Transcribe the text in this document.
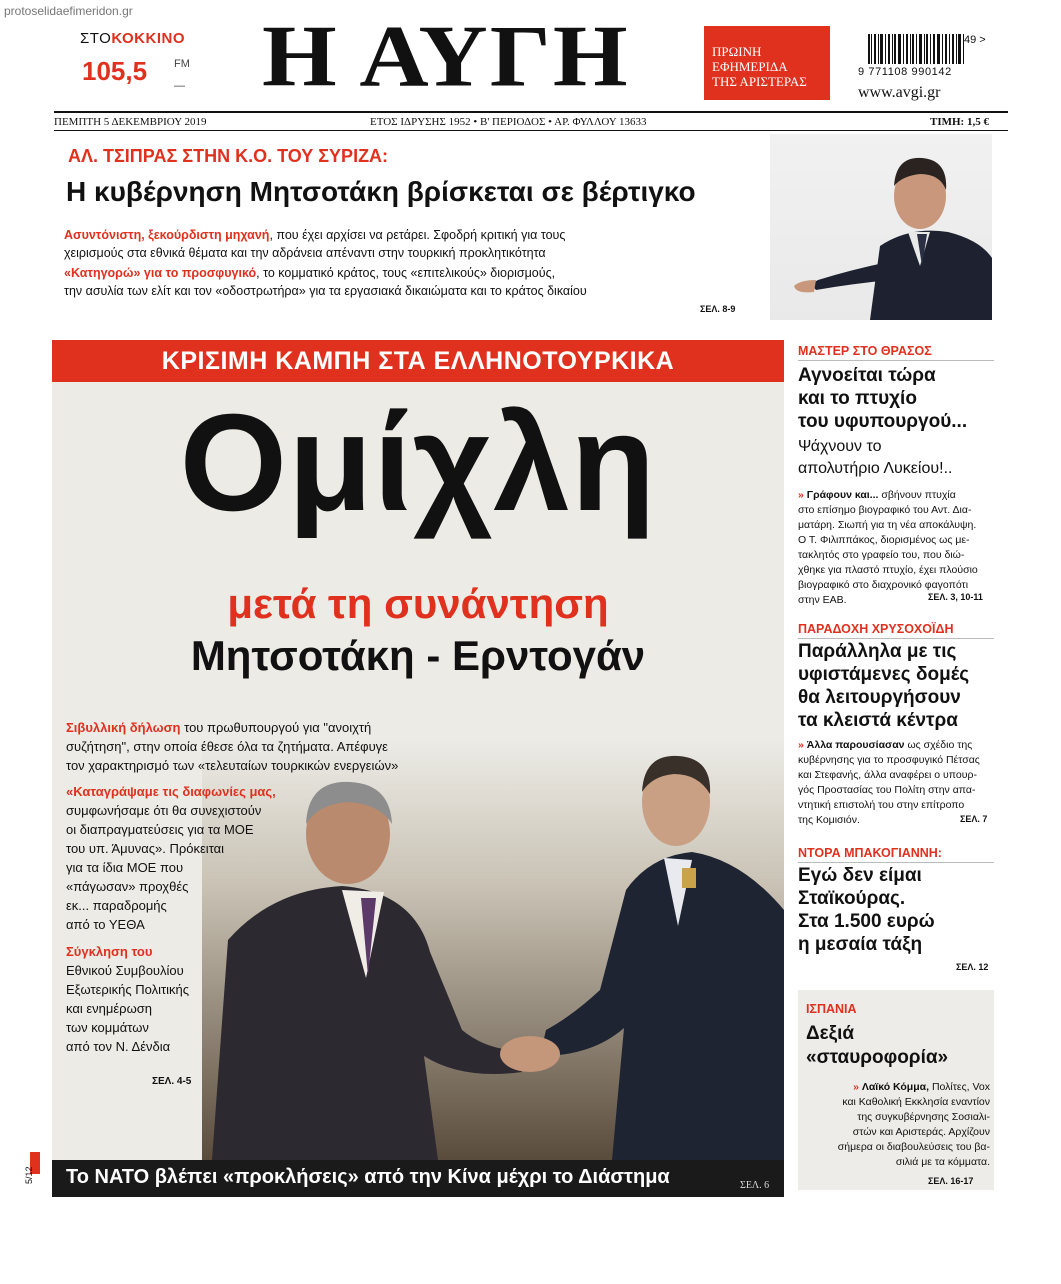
protoselidaefimeridon.gr
ΣΤΟΚΟΚΚΙΝΟ
105,5 FM
— Η ΑΥΓΗ	ΠΡΩΙΝΗ
ΕΦΗΜΕΡΙΔΑ
ΤΗΣ ΑΡΙΣΤΕΡΑΣ
49 >
9 771108 990142
www.avgi.gr
ΠΕΜΠΤΗ 5 ΔΕΚΕΜΒΡΙΟΥ 2019	ΕΤΟΣ ΙΔΡΥΣΗΣ 1952 • Β' ΠΕΡΙΟΔΟΣ • ΑΡ. ΦΥΛΛΟΥ 13633	ΤΙΜΗ: 1,5 €
ΑΛ. ΤΣΙΠΡΑΣ ΣΤΗΝ Κ.Ο. ΤΟΥ ΣΥΡΙΖΑ:
Η κυβέρνηση Μητσοτάκη βρίσκεται σε βέρτιγκο
Ασυντόνιστη, ξεκούρδιστη μηχανή, που έχει αρχίσει να ρετάρει. Σφοδρή κριτική για τους
χειρισμούς στα εθνικά θέματα και την αδράνεια απέναντι στην τουρκική προκλητικότητα
«Κατηγορώ» για το προσφυγικό, το κομματικό κράτος, τους «επιτελικούς» διορισμούς,
την ασυλία των ελίτ και τον «οδοστρωτήρα» για τα εργασιακά δικαιώματα και το κράτος δικαίου
ΣΕΛ. 8-9
ΚΡΙΣΙΜΗ ΚΑΜΠΗ ΣΤΑ ΕΛΛΗΝΟΤΟΥΡΚΙΚΑ
Ομίχλη
μετά τη συνάντηση
Μητσοτάκη - Ερντογάν
Σιβυλλική δήλωση του πρωθυπουργού για "ανοιχτή
συζήτηση", στην οποία έθεσε όλα τα ζητήματα. Απέφυγε
τον χαρακτηρισμό των «τελευταίων τουρκικών ενεργειών»
«Καταγράψαμε τις διαφωνίες μας,
συμφωνήσαμε ότι θα συνεχιστούν
οι διαπραγματεύσεις για τα ΜΟΕ
του υπ. Άμυνας». Πρόκειται
για τα ίδια ΜΟΕ που
«πάγωσαν» προχθές
εκ... παραδρομής
από το ΥΕΘΑ
Σύγκληση του
Εθνικού Συμβουλίου
Εξωτερικής Πολιτικής
και ενημέρωση
των κομμάτων
από τον Ν. Δένδια
ΣΕΛ. 4-5
Το ΝΑΤΟ βλέπει «προκλήσεις» από την Κίνα μέχρι το Διάστημα	ΣΕΛ. 6
5/12
ΜΑΣΤΕΡ ΣΤΟ ΘΡΑΣΟΣ
Αγνοείται τώρα
και το πτυχίο
του υφυπουργού...
Ψάχνουν το
απολυτήριο Λυκείου!..
» Γράφουν και... σβήνουν πτυχία
στο επίσημο βιογραφικό του Αντ. Δια-
ματάρη. Σιωπή για τη νέα αποκάλυψη.
Ο Τ. Φιλιππάκος, διορισμένος ως με-
τακλητός στο γραφείο του, που διώ-
χθηκε για πλαστό πτυχίο, έχει πλούσιο
βιογραφικό στο διαχρονικό φαγοπότι
στην ΕΑΒ.	ΣΕΛ. 3, 10-11
ΠΑΡΑΔΟΧΗ ΧΡΥΣΟΧΟΪΔΗ
Παράλληλα με τις
υφιστάμενες δομές
θα λειτουργήσουν
τα κλειστά κέντρα
» Άλλα παρουσίασαν ως σχέδιο της
κυβέρνησης για το προσφυγικό Πέτσας
και Στεφανής, άλλα αναφέρει ο υπουρ-
γός Προστασίας του Πολίτη στην απα-
ντητική επιστολή του στην επίτροπο
της Κομισιόν.	ΣΕΛ. 7
ΝΤΟΡΑ ΜΠΑΚΟΓΙΑΝΝΗ:
Εγώ δεν είμαι
Σταϊκούρας.
Στα 1.500 ευρώ
η μεσαία τάξη
ΣΕΛ. 12
ΙΣΠΑΝΙΑ
Δεξιά
«σταυροφορία»
» Λαϊκό Κόμμα, Πολίτες, Vox
και Καθολική Εκκλησία εναντίον
της συγκυβέρνησης Σοσιαλι-
στών και Αριστεράς. Αρχίζουν
σήμερα οι διαβουλεύσεις του βα-
σιλιά με τα κόμματα.
ΣΕΛ. 16-17
